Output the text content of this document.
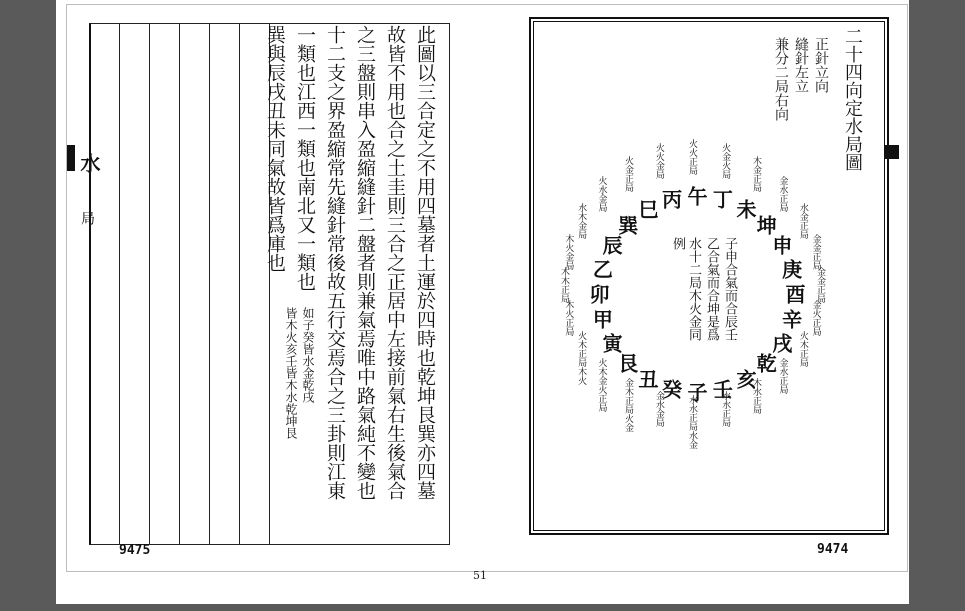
此圖以三合定之不用四墓者土運於四時也乾坤艮巽亦四墓
故皆不用也合之土圭則三合之正居中左接前氣右生後氣合
之三盤則串入盈縮縫針二盤者則兼氣焉唯中路氣純不變也
十二支之界盈縮常先縫針常後故五行交焉合之三卦則江東
一類也江西一類也南北又一類也
如子癸皆水金乾戌
皆木火亥壬皆木水乾坤艮
巽與辰戌丑未同氣故皆爲庫也
9475
水
局
二十四向定水局圖
正針立向
縫針左立
兼分二局右向
子申合氣而合辰壬
乙合氣而合坤是爲
水十二局木火金同
例
子
水水正局水金
癸
金水金局
丑
金木正局火金
艮
火木金火正局
寅
火木正局木火
甲
木火正局
卯
木木正局 乙
木火金局 辰
水木金局 巽
火水金局 巳
火金正局
丙
火火金局
午
火火正局
丁
火金火局
未
木金正局
坤
金水正局
申
水金正局
庚 金金正局
酉	金金正局
辛 金火正局
戌 火木正局
乾 金水正局
亥
木水正局
壬
水水正局
9474
51
